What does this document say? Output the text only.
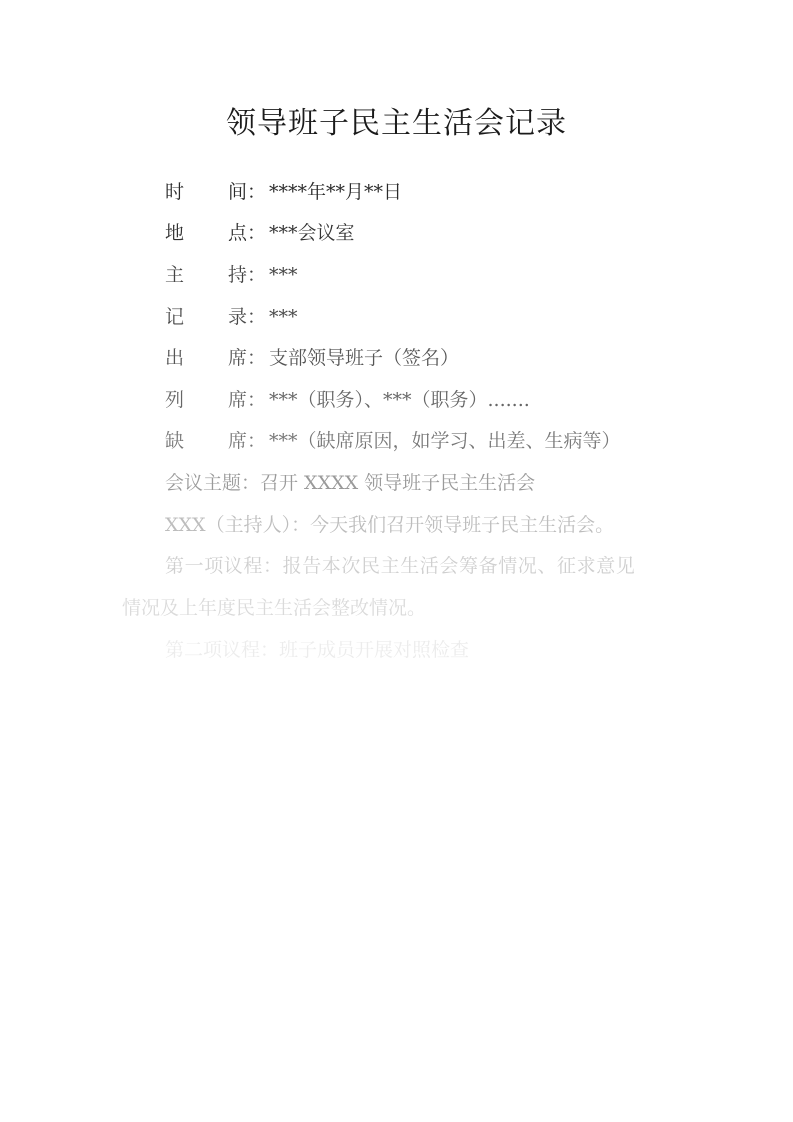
领导班子民主生活会记录
时 间： ****年**月**日
地 点： ***会议室
主 持： ***
记 录： ***
出 席： 支部领导班子（签名）
列 席： ***（职务）、***（职务）.......
缺 席： ***（缺席原因，如学习、出差、生病等）
会议主题：召开 XXXX 领导班子民主生活会
XXX（主持人）：今天我们召开领导班子民主生活会。
第一项议程：报告本次民主生活会筹备情况、征求意见
情况及上年度民主生活会整改情况。
第二项议程：班子成员开展对照检查
